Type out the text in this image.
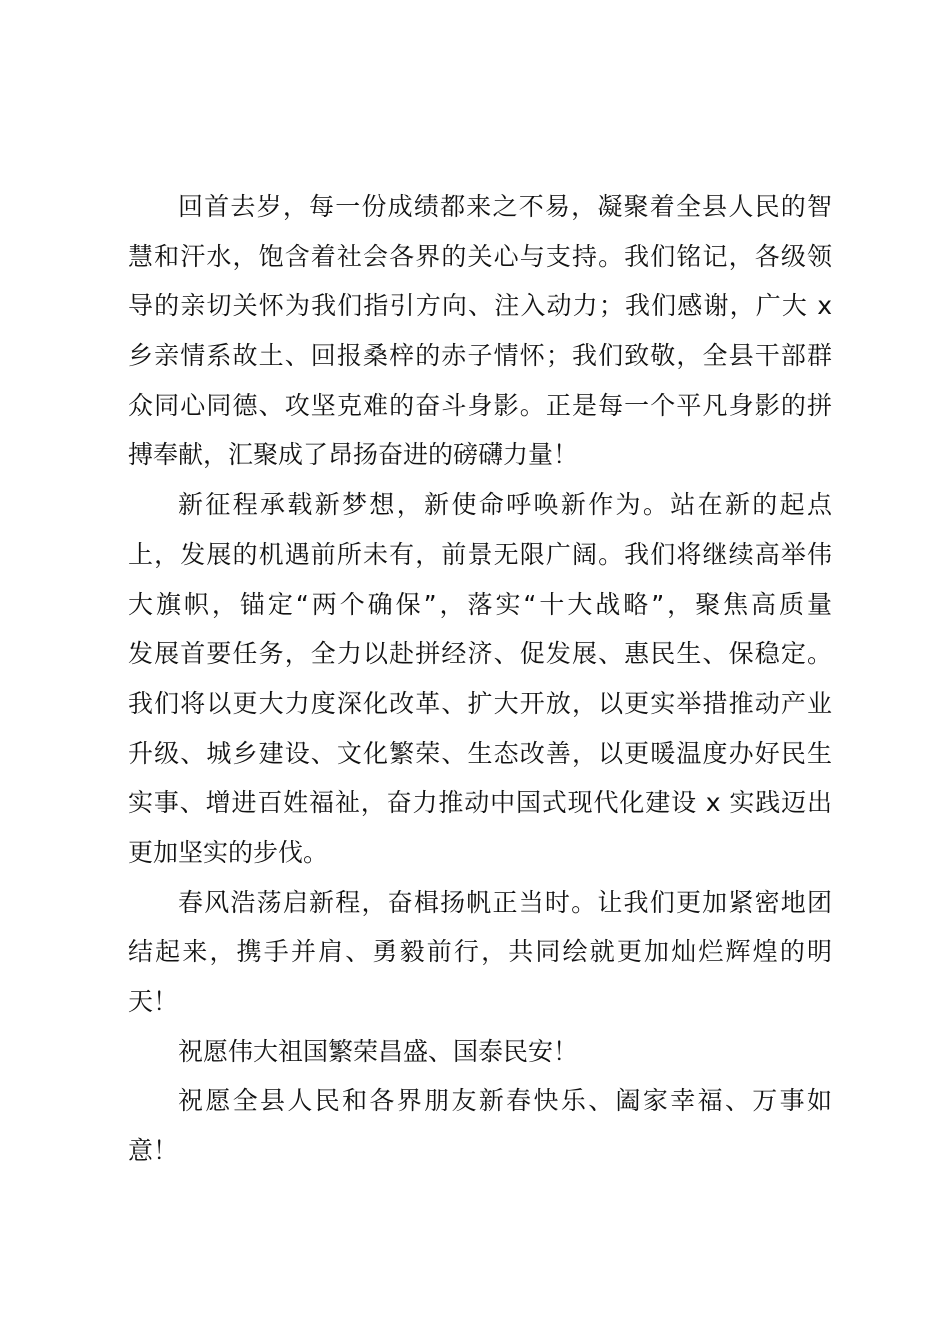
回首去岁，每一份成绩都来之不易，凝聚着全县人民的智
慧和汗水，饱含着社会各界的关心与支持。我们铭记，各级领
导的亲切关怀为我们指引方向、注入动力；我们感谢，广大 x
乡亲情系故土、回报桑梓的赤子情怀；我们致敬，全县干部群
众同心同德、攻坚克难的奋斗身影。正是每一个平凡身影的拼
搏奉献，汇聚成了昂扬奋进的磅礴力量！
新征程承载新梦想，新使命呼唤新作为。站在新的起点
上，发展的机遇前所未有，前景无限广阔。我们将继续高举伟
大旗帜，锚定“两个确保”，落实“十大战略”，聚焦高质量
发展首要任务，全力以赴拼经济、促发展、惠民生、保稳定。
我们将以更大力度深化改革、扩大开放，以更实举措推动产业
升级、城乡建设、文化繁荣、生态改善，以更暖温度办好民生
实事、增进百姓福祉，奋力推动中国式现代化建设 x 实践迈出
更加坚实的步伐。
春风浩荡启新程，奋楫扬帆正当时。让我们更加紧密地团
结起来，携手并肩、勇毅前行，共同绘就更加灿烂辉煌的明
天！
祝愿伟大祖国繁荣昌盛、国泰民安！
祝愿全县人民和各界朋友新春快乐、阖家幸福、万事如
意！
